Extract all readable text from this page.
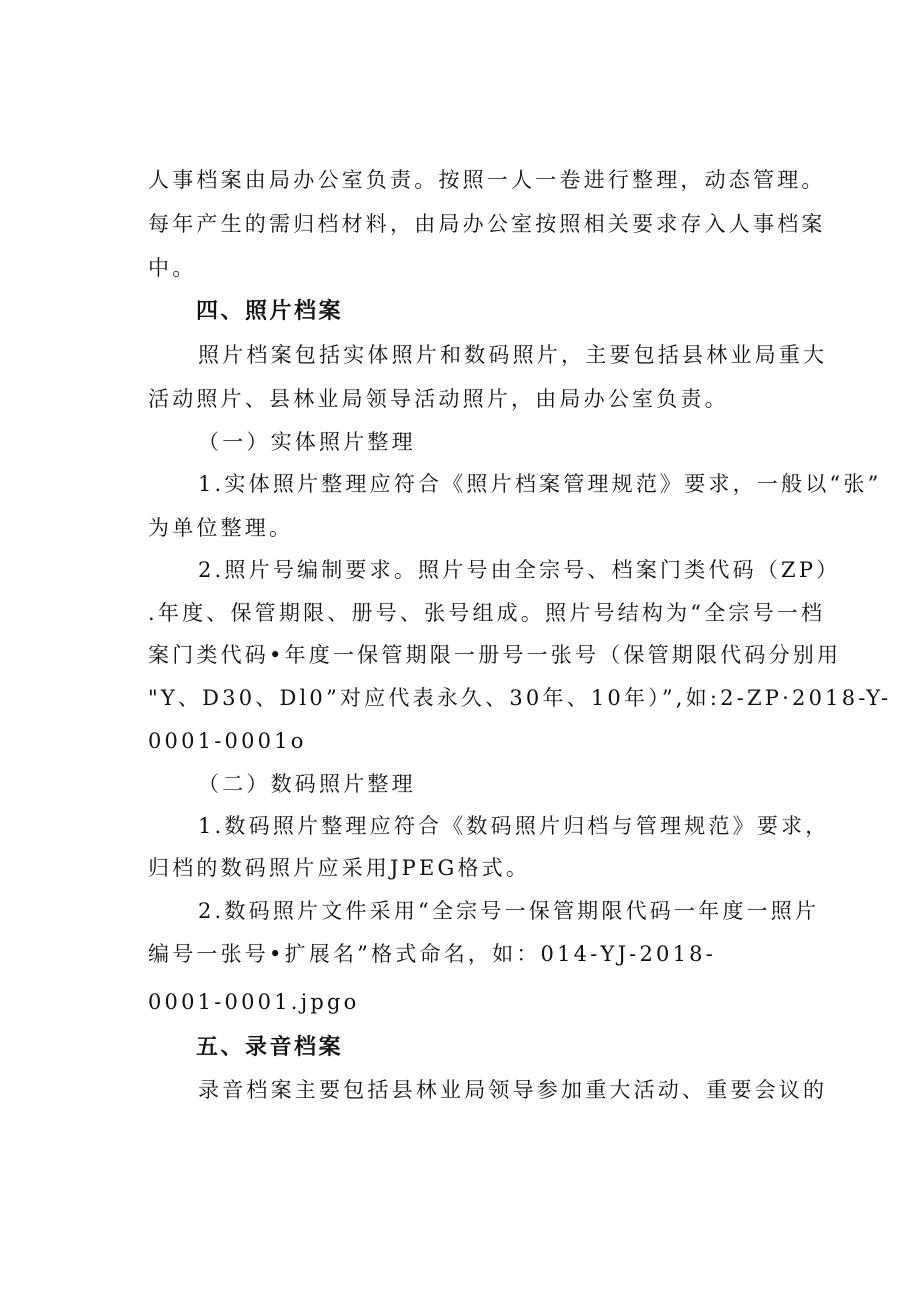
人事档案由局办公室负责。按照一人一卷进行整理，动态管理。
每年产生的需归档材料，由局办公室按照相关要求存入人事档案
中。
四、照片档案
照片档案包括实体照片和数码照片，主要包括县林业局重大
活动照片、县林业局领导活动照片，由局办公室负责。
（一）实体照片整理
1.实体照片整理应符合《照片档案管理规范》要求，一般以“张”
为单位整理。
2.照片号编制要求。照片号由全宗号、档案门类代码（ZP）
.年度、保管期限、册号、张号组成。照片号结构为“全宗号一档
案门类代码•年度一保管期限一册号一张号（保管期限代码分别用
"Y、D30、Dl0”对应代表永久、30年、10年）”,如:2-ZP·2018-Y-
0001-0001o
（二）数码照片整理
1.数码照片整理应符合《数码照片归档与管理规范》要求，
归档的数码照片应采用JPEG格式。
2.数码照片文件采用“全宗号一保管期限代码一年度一照片
编号一张号•扩展名”格式命名，如：014-YJ-2018-
0001-0001.jpgo
五、录音档案
录音档案主要包括县林业局领导参加重大活动、重要会议的
